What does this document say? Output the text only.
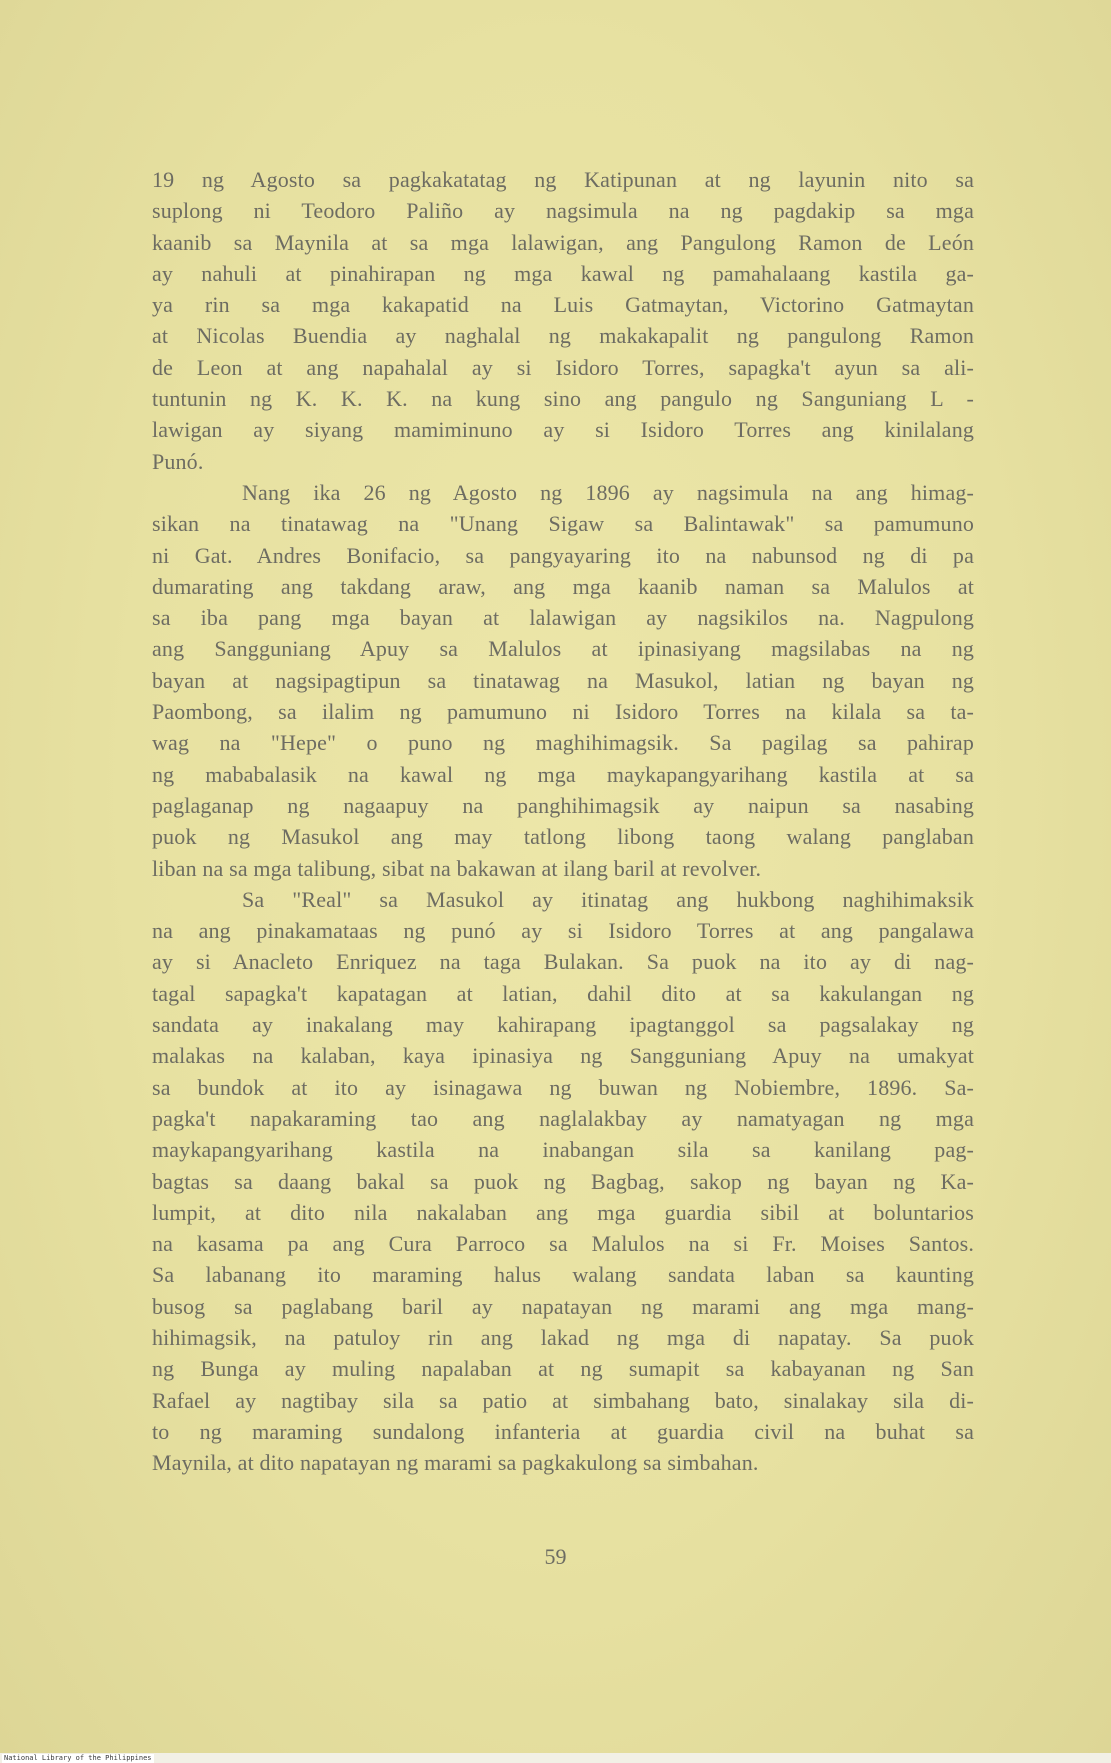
19 ng Agosto sa pagkakatatag ng Katipunan at ng layunin nito sa
suplong ni Teodoro Paliño ay nagsimula na ng pagdakip sa mga
kaanib sa Maynila at sa mga lalawigan, ang Pangulong Ramon de León
ay nahuli at pinahirapan ng mga kawal ng pamahalaang kastila ga-
ya rin sa mga kakapatid na Luis Gatmaytan, Victorino Gatmaytan
at Nicolas Buendia ay naghalal ng makakapalit ng pangulong Ramon
de Leon at ang napahalal ay si Isidoro Torres, sapagka't ayun sa ali-
tuntunin ng K. K. K. na kung sino ang pangulo ng Sanguniang L -
lawigan ay siyang mamiminuno ay si Isidoro Torres ang kinilalang
Punó.
Nang ika 26 ng Agosto ng 1896 ay nagsimula na ang himag-
sikan na tinatawag na "Unang Sigaw sa Balintawak" sa pamumuno
ni Gat. Andres Bonifacio, sa pangyayaring ito na nabunsod ng di pa
dumarating ang takdang araw, ang mga kaanib naman sa Malulos at
sa iba pang mga bayan at lalawigan ay nagsikilos na. Nagpulong
ang Sangguniang Apuy sa Malulos at ipinasiyang magsilabas na ng
bayan at nagsipagtipun sa tinatawag na Masukol, latian ng bayan ng
Paombong, sa ilalim ng pamumuno ni Isidoro Torres na kilala sa ta-
wag na "Hepe" o puno ng maghihimagsik. Sa pagilag sa pahirap
ng mababalasik na kawal ng mga maykapangyarihang kastila at sa
paglaganap ng nagaapuy na panghihimagsik ay naipun sa nasabing
puok ng Masukol ang may tatlong libong taong walang panglaban
liban na sa mga talibung, sibat na bakawan at ilang baril at revolver.
Sa "Real" sa Masukol ay itinatag ang hukbong naghihimaksik
na ang pinakamataas ng punó ay si Isidoro Torres at ang pangalawa
ay si Anacleto Enriquez na taga Bulakan. Sa puok na ito ay di nag-
tagal sapagka't kapatagan at latian, dahil dito at sa kakulangan ng
sandata ay inakalang may kahirapang ipagtanggol sa pagsalakay ng
malakas na kalaban, kaya ipinasiya ng Sangguniang Apuy na umakyat
sa bundok at ito ay isinagawa ng buwan ng Nobiembre, 1896. Sa-
pagka't napakaraming tao ang naglalakbay ay namatyagan ng mga
maykapangyarihang kastila na inabangan sila sa kanilang pag-
bagtas sa daang bakal sa puok ng Bagbag, sakop ng bayan ng Ka-
lumpit, at dito nila nakalaban ang mga guardia sibil at boluntarios
na kasama pa ang Cura Parroco sa Malulos na si Fr. Moises Santos.
Sa labanang ito maraming halus walang sandata laban sa kaunting
busog sa paglabang baril ay napatayan ng marami ang mga mang-
hihimagsik, na patuloy rin ang lakad ng mga di napatay. Sa puok
ng Bunga ay muling napalaban at ng sumapit sa kabayanan ng San
Rafael ay nagtibay sila sa patio at simbahang bato, sinalakay sila di-
to ng maraming sundalong infanteria at guardia civil na buhat sa
Maynila, at dito napatayan ng marami sa pagkakulong sa simbahan.
59
National Library of the Philippines
